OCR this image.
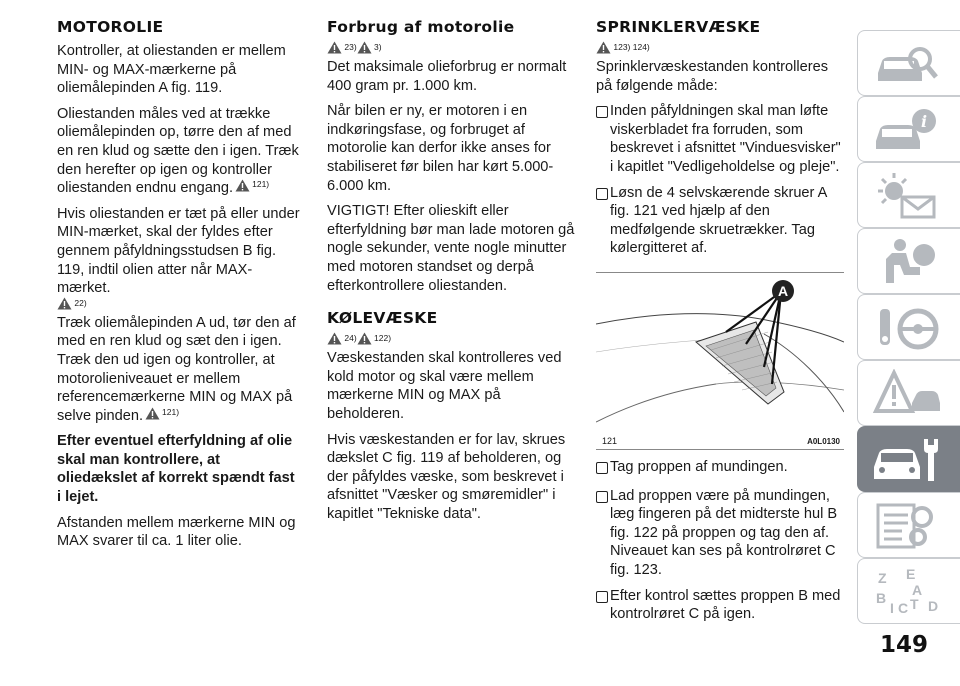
MOTOROLIE

Kontroller, at oliestanden er mellem MIN- og MAX-mærkerne på oliemålepinden A fig. 119.

Oliestanden måles ved at trække oliemålepinden op, tørre den af med en ren klud og sætte den i igen. Træk den herefter op igen og kontroller oliestanden endnu engang. 121)

Hvis oliestanden er tæt på eller under MIN-mærket, skal der fyldes efter gennem påfyldningsstudsen B fig. 119, indtil olien atter når MAX-mærket.

22)

Træk oliemålepinden A ud, tør den af med en ren klud og sæt den i igen. Træk den ud igen og kontroller, at motorolieniveauet er mellem referencemærkerne MIN og MAX på selve pinden. 121)

Efter eventuel efterfyldning af olie skal man kontrollere, at oliedækslet af korrekt spændt fast i lejet.

Afstanden mellem mærkerne MIN og MAX svarer til ca. 1 liter olie.

Forbrug af motorolie
23) 3)

Det maksimale olieforbrug er normalt 400 gram pr. 1.000 km.

Når bilen er ny, er motoren i en indkøringsfase, og forbruget af motorolie kan derfor ikke anses for stabiliseret før bilen har kørt 5.000-6.000 km.

VIGTIGT! Efter olieskift eller efterfyldning bør man lade motoren gå nogle sekunder, vente nogle minutter med motoren standset og derpå efterkontrollere oliestanden.

KØLEVÆSKE
24) 122)

Væskestanden skal kontrolleres ved kold motor og skal være mellem mærkerne MIN og MAX på beholderen.

Hvis væskestanden er for lav, skrues dækslet C fig. 119 af beholderen, og der påfyldes væske, som beskrevet i afsnittet "Væsker og smøremidler" i kapitlet "Tekniske data".

SPRINKLERVÆSKE
123) 124)

Sprinklervæskestanden kontrolleres på følgende måde:

Inden påfyldningen skal man løfte viskerbladet fra forruden, som beskrevet i afsnittet "Vinduesvisker" i kapitlet "Vedligeholdelse og pleje".
Løsn de 4 selvskærende skruer A fig. 121 ved hjælp af den medfølgende skruetrækker. Tag kølergitteret af.
A
121	A0L0130
Tag proppen af mundingen.
Lad proppen være på mundingen, læg fingeren på det midterste hul B fig. 122 på proppen og tag den af. Niveauet kan ses på kontrolrøret C fig. 123.
Efter kontrol sættes proppen B med kontrolrøret C på igen.
i
Z E
A
B
I C T D
149
